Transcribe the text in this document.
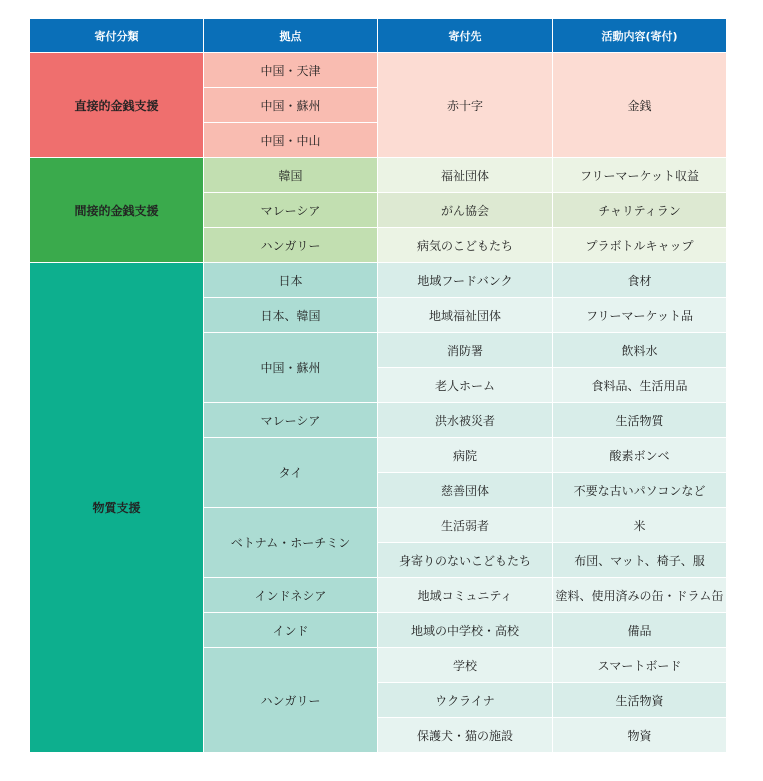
寄付分類	拠点	寄付先	活動内容(寄付)
直接的金銭支援	中国・天津	赤十字	金銭
	中国・蘇州		
	中国・中山		
間接的金銭支援	韓国	福祉団体	フリーマーケット収益
	マレーシア	がん協会	チャリティラン
	ハンガリー	病気のこどもたち	プラボトルキャップ
物質支援	日本	地域フードバンク	食材
	日本、韓国	地域福祉団体	フリーマーケット品
	中国・蘇州	消防署	飲料水
		老人ホーム	食料品、生活用品
	マレーシア	洪水被災者	生活物質
	タイ	病院	酸素ボンベ
		慈善団体	不要な古いパソコンなど
	ベトナム・ホーチミン	生活弱者	米
		身寄りのないこどもたち	布団、マット、椅子、服
	インドネシア	地域コミュニティ	塗料、使用済みの缶・ドラム缶
	インド	地域の中学校・高校	備品
	ハンガリー	学校	スマートボード
		ウクライナ	生活物資
		保護犬・猫の施設	物資
